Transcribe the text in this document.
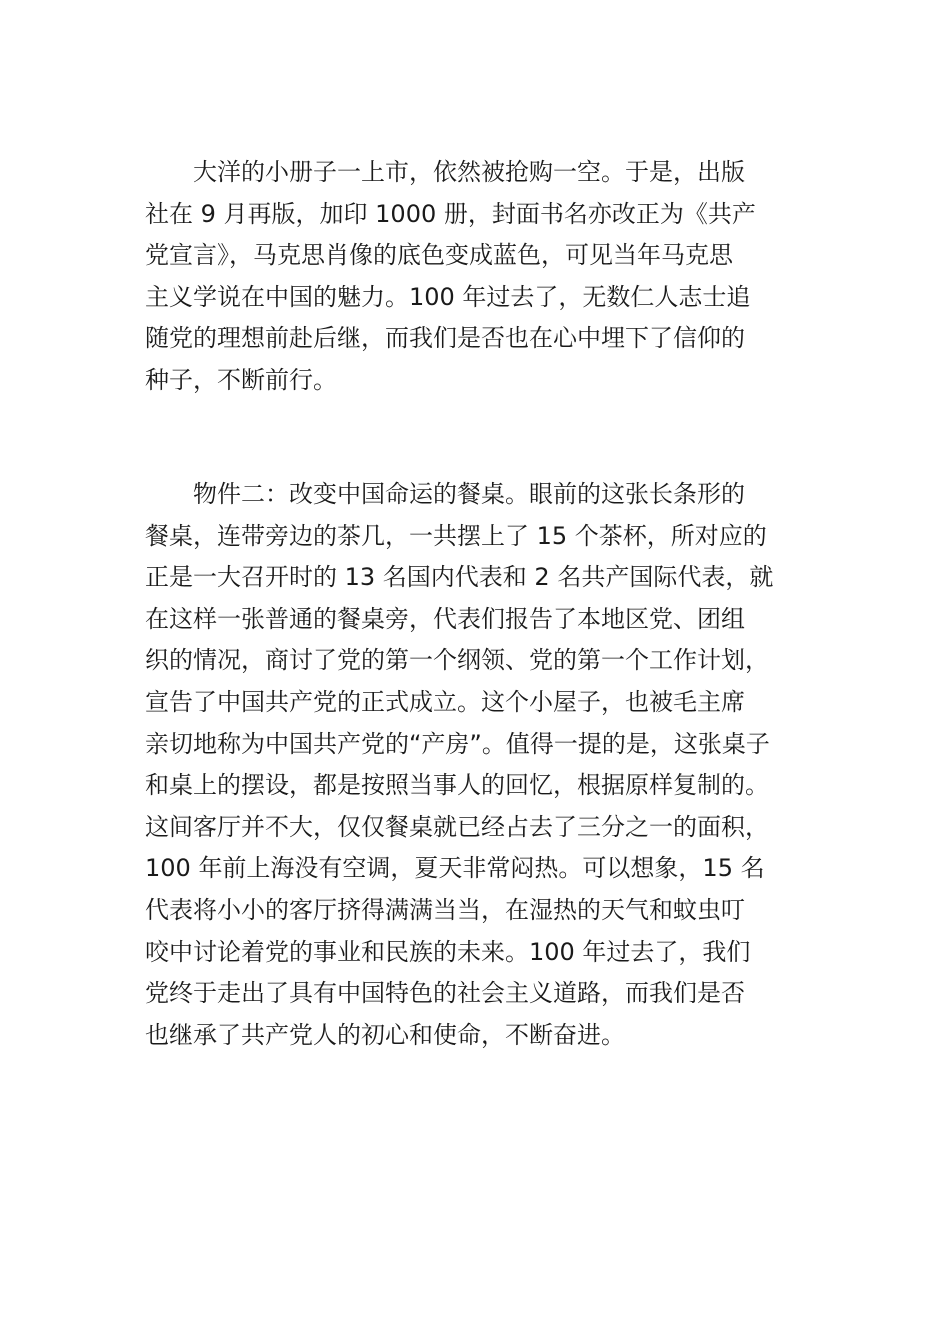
　　大洋的小册子一上市，依然被抢购一空。于是，出版
社在 9 月再版，加印 1000 册，封面书名亦改正为《共产
党宣言》，马克思肖像的底色变成蓝色，可见当年马克思
主义学说在中国的魅力。100 年过去了，无数仁人志士追
随党的理想前赴后继，而我们是否也在心中埋下了信仰的
种子，不断前行。
　　物件二：改变中国命运的餐桌。眼前的这张长条形的
餐桌，连带旁边的茶几，一共摆上了 15 个茶杯，所对应的
正是一大召开时的 13 名国内代表和 2 名共产国际代表，就
在这样一张普通的餐桌旁，代表们报告了本地区党、团组
织的情况，商讨了党的第一个纲领、党的第一个工作计划，
宣告了中国共产党的正式成立。这个小屋子，也被毛主席
亲切地称为中国共产党的“产房”。值得一提的是，这张桌子
和桌上的摆设，都是按照当事人的回忆，根据原样复制的。
这间客厅并不大，仅仅餐桌就已经占去了三分之一的面积，
100 年前上海没有空调，夏天非常闷热。可以想象，15 名
代表将小小的客厅挤得满满当当，在湿热的天气和蚊虫叮
咬中讨论着党的事业和民族的未来。100 年过去了，我们
党终于走出了具有中国特色的社会主义道路，而我们是否
也继承了共产党人的初心和使命，不断奋进。
